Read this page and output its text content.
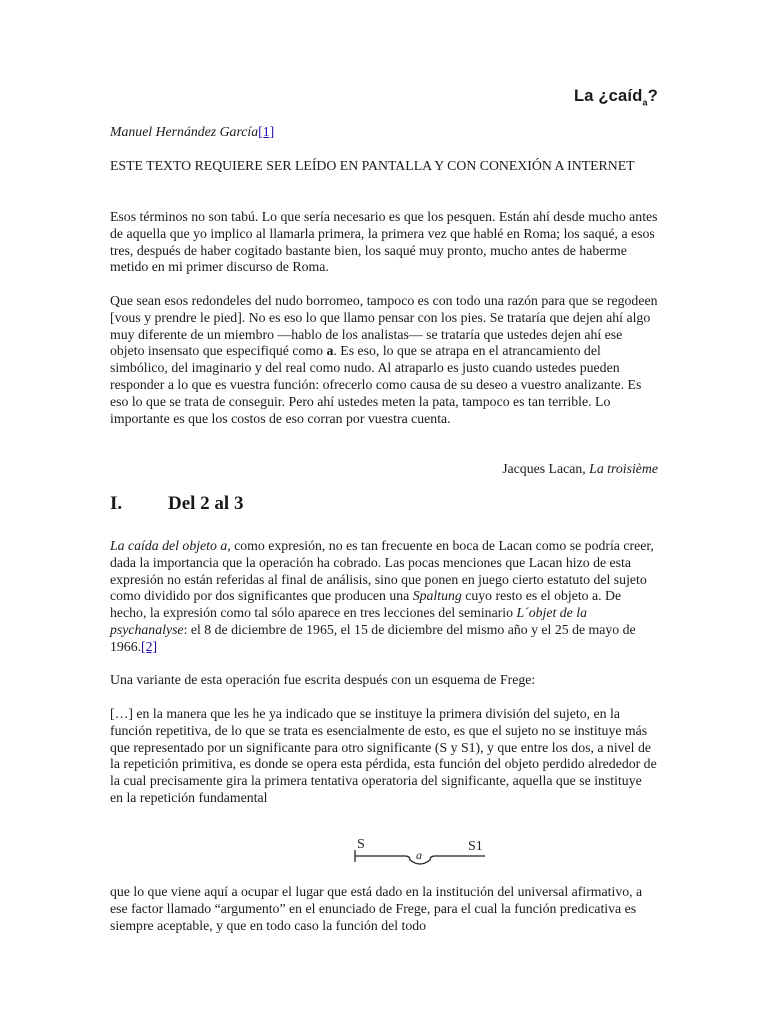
La ¿caíd$_a$?
Manuel Hernández García[1]

ESTE TEXTO REQUIERE SER LEÍDO EN PANTALLA Y CON CONEXIÓN A INTERNET

Esos términos no son tabú. Lo que sería necesario es que los pesquen. Están ahí desde mucho antes de aquella que yo implico al llamarla primera, la primera vez que hablé en Roma; los saqué, a esos tres, después de haber cogitado bastante bien, los saqué muy pronto, mucho antes de haberme metido en mi primer discurso de Roma.

Que sean esos redondeles del nudo borromeo, tampoco es con todo una razón para que se regodeen [vous y prendre le pied]. No es eso lo que llamo pensar con los pies. Se trataría que dejen ahí algo muy diferente de un miembro —hablo de los analistas— se trataría que ustedes dejen ahí ese objeto insensato que especifiqué como a. Es eso, lo que se atrapa en el atrancamiento del simbólico, del imaginario y del real como nudo. Al atraparlo es justo cuando ustedes pueden responder a lo que es vuestra función: ofrecerlo como causa de su deseo a vuestro analizante. Es eso lo que se trata de conseguir. Pero ahí ustedes meten la pata, tampoco es tan terrible. Lo importante es que los costos de eso corran por vuestra cuenta.

Jacques Lacan, La troisième

I. Del 2 al 3

La caída del objeto a, como expresión, no es tan frecuente en boca de Lacan como se podría creer, dada la importancia que la operación ha cobrado. Las pocas menciones que Lacan hizo de esta expresión no están referidas al final de análisis, sino que ponen en juego cierto estatuto del sujeto como dividido por dos significantes que producen una Spaltung cuyo resto es el objeto a. De hecho, la expresión como tal sólo aparece en tres lecciones del seminario L´objet de la psychanalyse: el 8 de diciembre de 1965, el 15 de diciembre del mismo año y el 25 de mayo de 1966.[2]

Una variante de esta operación fue escrita después con un esquema de Frege:

[…] en la manera que les he ya indicado que se instituye la primera división del sujeto, en la función repetitiva, de lo que se trata es esencialmente de esto, es que el sujeto no se instituye más que representado por un significante para otro significante (S y S1), y que entre los dos, a nivel de la repetición primitiva, es donde se opera esta pérdida, esta función del objeto perdido alrededor de la cual precisamente gira la primera tentativa operatoria del significante, aquella que se instituye en la repetición fundamental

S
a
S1

que lo que viene aquí a ocupar el lugar que está dado en la institución del universal afirmativo, a ese factor llamado “argumento” en el enunciado de Frege, para el cual la función predicativa es siempre aceptable, y que en todo caso la función del todo
